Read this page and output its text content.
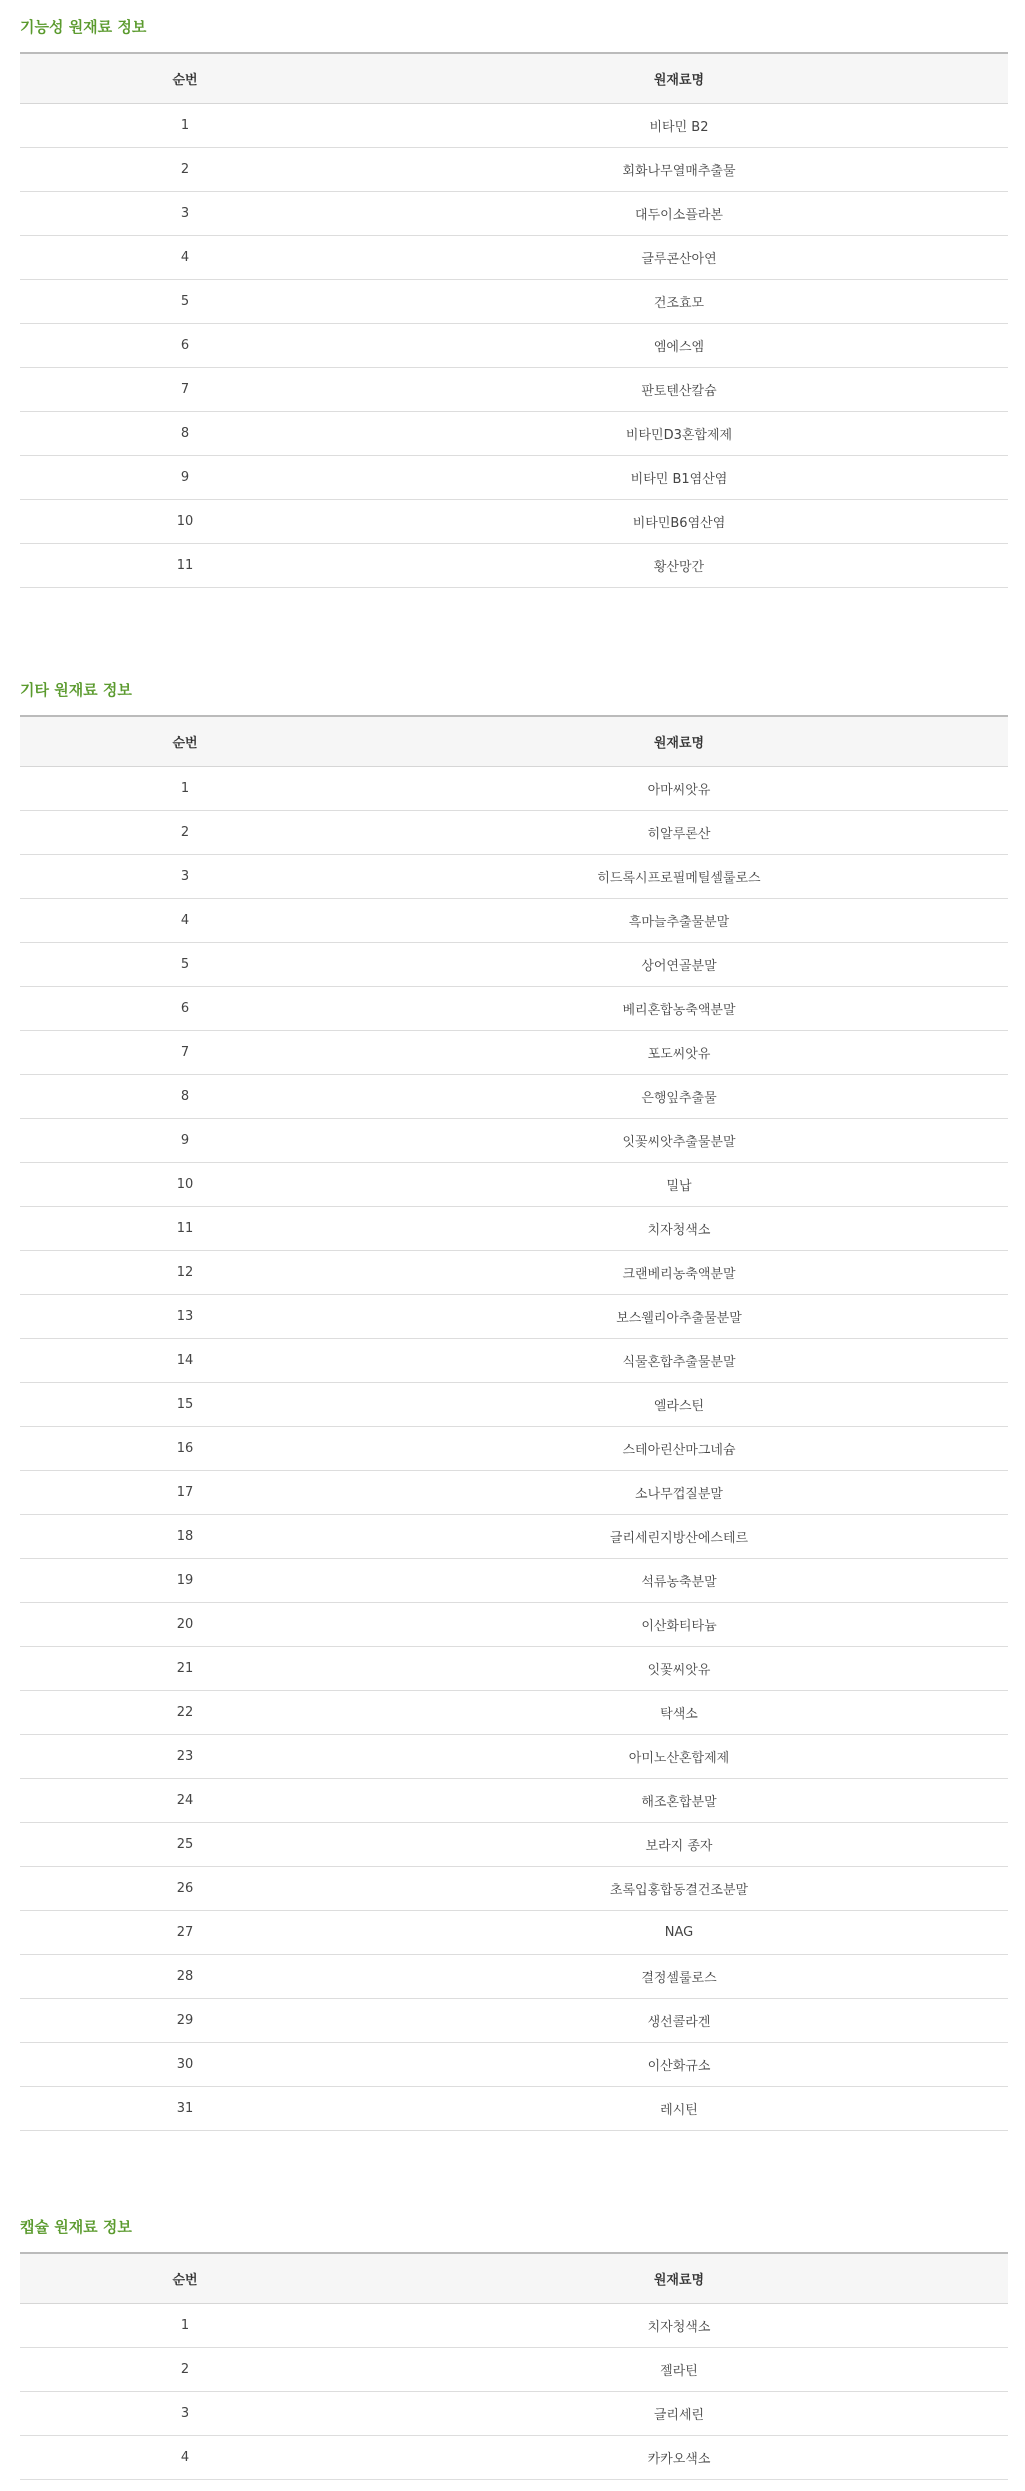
기능성 원재료 정보
순번	원재료명
1	비타민 B2
2	회화나무열매추출물
3	대두이소플라본
4	글루콘산아연
5	건조효모
6	엠에스엠
7	판토텐산칼슘
8	비타민D3혼합제제
9	비타민 B1염산염
10	비타민B6염산염
11	황산망간
기타 원재료 정보
순번	원재료명
1	아마씨앗유
2	히알루론산
3	히드록시프로필메틸셀룰로스
4	흑마늘추출물분말
5	상어연골분말
6	베리혼합농축액분말
7	포도씨앗유
8	은행잎추출물
9	잇꽃씨앗추출물분말
10	밀납
11	치자청색소
12	크랜베리농축액분말
13	보스웰리아추출물분말
14	식물혼합추출물분말
15	엘라스틴
16	스테아린산마그네슘
17	소나무껍질분말
18	글리세린지방산에스테르
19	석류농축분말
20	이산화티타늄
21	잇꽃씨앗유
22	탁색소
23	아미노산혼합제제
24	해조혼합분말
25	보라지 종자
26	초록입홍합동결건조분말
27	NAG
28	결정셀룰로스
29	생선콜라겐
30	이산화규소
31	레시틴
캡슐 원재료 정보
순번	원재료명
1	치자청색소
2	젤라틴
3	글리세린
4	카카오색소
